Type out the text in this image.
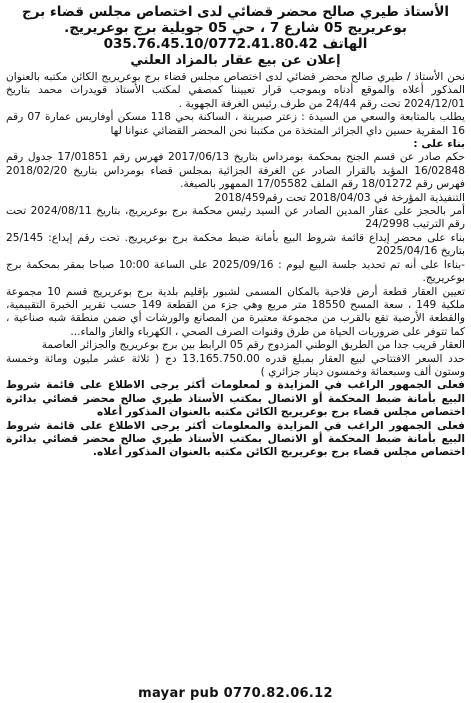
الأستاذ طيري صالح محضر قضائي لدى اختصاص مجلس قضاء برج
بوعريريج 05 شارع 7 ، حي 05 جويلية برج بوعريريج.
الهاتف 035.76.45.10/0772.41.80.42
إعلان عن بيع عقار بالمزاد العلني

نحن الأستاذ / طيري صالح محضر قضائي لدى اختصاص مجلس قضاء برج بوعريريج الكائن مكتبه بالعنوان المذكور أعلاه والموقع أدناه وبموجب قرار تعييننا كمصفي لمكتب الأستاذ قويدرات محمد بتاريخ 2024/12/01 تحت رقم 24/44 من طرف رئيس الغرفة الجهوية .

يطلب بالمتابعة والسعي من السيدة : زعتر صبرينة ، الساكنة بحي 118 مسكن أوفاريس عمارة 07 رقم 16 المقرية حسين داي الجزائر المتخذة من مكتبنا نحن المحضر القضائي عنوانا لها

بناء على :

حكم صادر عن قسم الجنح بمحكمة بومرداس بتاريخ 2017/06/13 فهرس رقم 17/01851 جدول رقم 16/02848 المؤيد بالقرار الصادر عن الغرفة الجزائية بمجلس قضاء بومرداس بتاريخ 2018/02/20 فهرس رقم 18/01272 رقم الملف 17/05582 الممهور بالصيغة.

التنفيذية المؤرخة في 2018/04/03 تحت رقم2018/459

أمر بالحجز على عقار المدين الصادر عن السيد رئيس محكمة برج بوعريريج، بتاريخ 2024/08/11 تحت رقم الترتيب 24/2998

بناء على محضر إيداع قائمة شروط البيع بأمانة ضبط محكمة برج بوعريريج. تحت رقم إيداع: 25/145 بتاريخ 2025/04/16

-بناءا على أنه تم تحديد جلسة البيع ليوم : 2025/09/16 على الساعة 10:00 صباحا بمقر بمحكمة برج بوعريريج.

تعيين العقار قطعة أرض فلاحية بالمكان المسمى لشبور بإقليم بلدية برج بوعريريج قسم 10 مجموعة ملكية 149 ، سعة المسح 18550 متر مربع وهي جزء من القطعة 149 حسب تقرير الخبرة التقييمية، والقطعة الأرضية تقع بالقرب من مجموعة معتبرة من المصانع والورشات أي ضمن منطقة شبه صناعية ، كما تتوفر على ضروريات الحياة من طرق وقنوات الصرف الصحي ، الكهرباء والغاز والماء...

العقار قريب جدا من الطريق الوطني المزدوج رقم 05 الرابط بين برج بوعريريج والجزائر العاصمة

حدد السعر الافتتاحي لبيع العقار بمبلغ قدره 13.165.750.00 دج ( ثلاثة عشر مليون ومائة وخمسة وستون ألف وسبعمائة وخمسون دينار جزائري )

فعلى الجمهور الراغب في المزايدة و لمعلومات أكثر يرجى الاطلاع على قائمة شروط البيع بأمانة ضبط المحكمة أو الاتصال بمكتب الأستاذ طيري صالح محضر قضائي بدائرة اختصاص مجلس قضاء برج بوعريريج الكائن مكتبه بالعنوان المذكور أعلاه

فعلى الجمهور الراغب في المزايدة والمعلومات أكثر يرجى الاطلاع على قائمة شروط البيع بأمانة ضبط المحكمة أو الاتصال بمكتب الأستاذ طيري صالح محضر قضائي بدائرة اختصاص مجلس قضاء برج بوعريريج الكائن مكتبه بالعنوان المذكور أعلاه.

mayar pub 0770.82.06.12
